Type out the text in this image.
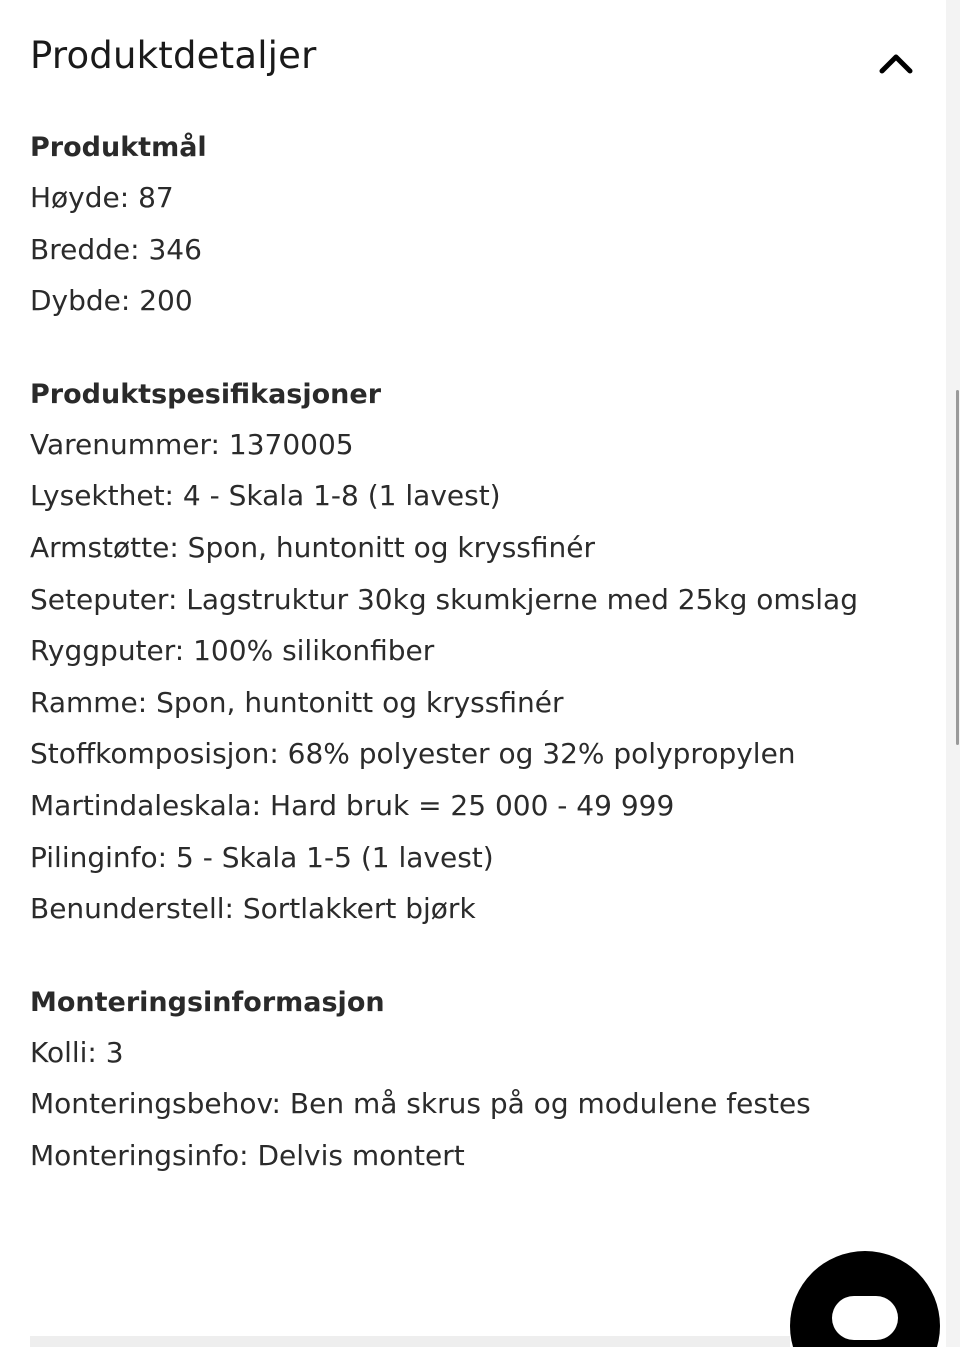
Produktdetaljer
Produktmål

Høyde: 87

Bredde: 346

Dybde: 200

Produktspesifikasjoner

Varenummer: 1370005

Lysekthet: 4 - Skala 1-8 (1 lavest)

Armstøtte: Spon, huntonitt og kryssfinér

Seteputer: Lagstruktur 30kg skumkjerne med 25kg omslag

Ryggputer: 100% silikonfiber

Ramme: Spon, huntonitt og kryssfinér

Stoffkomposisjon: 68% polyester og 32% polypropylen

Martindaleskala: Hard bruk = 25 000 - 49 999

Pilinginfo: 5 - Skala 1-5 (1 lavest)

Benunderstell: Sortlakkert bjørk

Monteringsinformasjon

Kolli: 3

Monteringsbehov: Ben må skrus på og modulene festes

Monteringsinfo: Delvis montert
